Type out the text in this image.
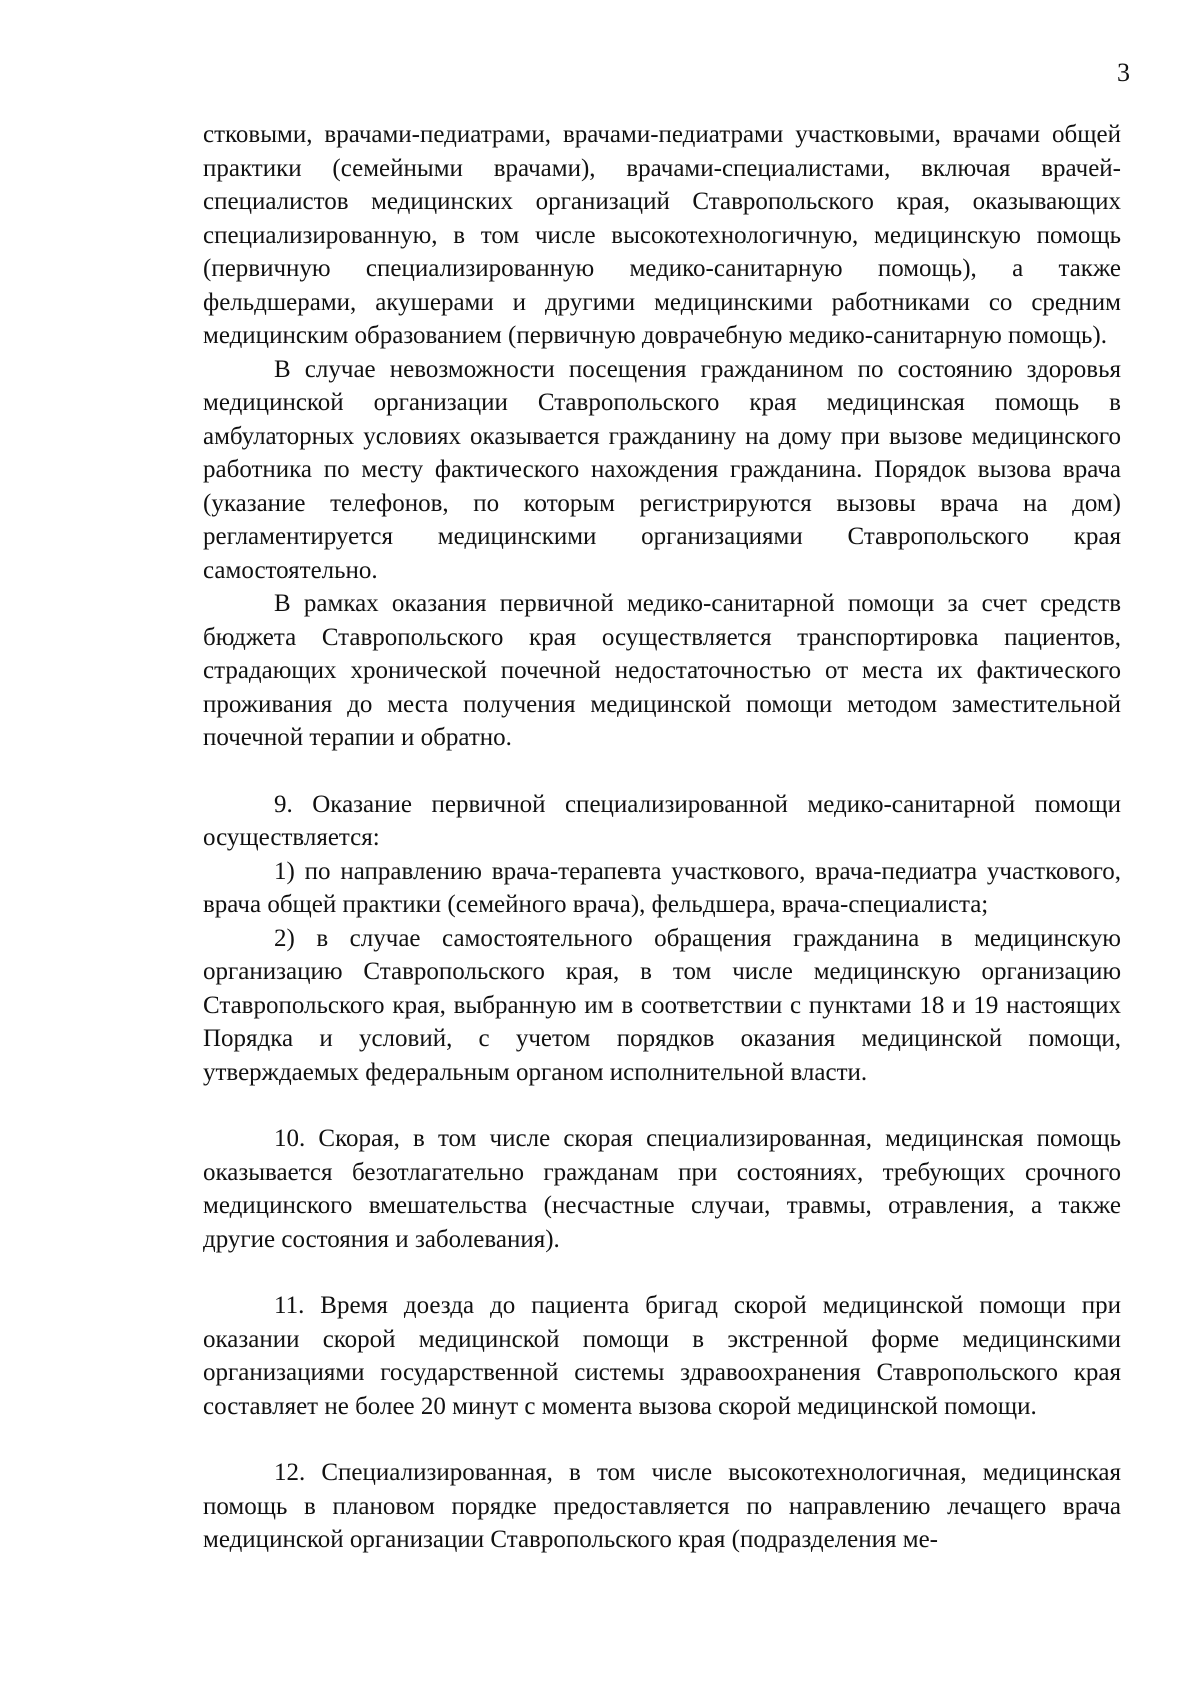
3

стковыми, врачами-педиатрами, врачами-педиатрами участковыми, врачами общей практики (семейными врачами), врачами-специалистами, включая врачей-специалистов медицинских организаций Ставропольского края, оказывающих специализированную, в том числе высокотехнологичную, медицинскую помощь (первичную специализированную медико-санитарную помощь), а также фельдшерами, акушерами и другими медицинскими работниками со средним медицинским образованием (первичную доврачебную медико-санитарную помощь).

В случае невозможности посещения гражданином по состоянию здоровья медицинской организации Ставропольского края медицинская помощь в амбулаторных условиях оказывается гражданину на дому при вызове медицинского работника по месту фактического нахождения гражданина. Порядок вызова врача (указание телефонов, по которым регистрируются вызовы врача на дом) регламентируется медицинскими организациями Ставропольского края самостоятельно.

В рамках оказания первичной медико-санитарной помощи за счет средств бюджета Ставропольского края осуществляется транспортировка пациентов, страдающих хронической почечной недостаточностью от места их фактического проживания до места получения медицинской помощи методом заместительной почечной терапии и обратно.

9. Оказание первичной специализированной медико-санитарной помощи осуществляется:

1) по направлению врача-терапевта участкового, врача-педиатра участкового, врача общей практики (семейного врача), фельдшера, врача-специалиста;

2) в случае самостоятельного обращения гражданина в медицинскую организацию Ставропольского края, в том числе медицинскую организацию Ставропольского края, выбранную им в соответствии с пунктами 18 и 19 настоящих Порядка и условий, с учетом порядков оказания медицинской помощи, утверждаемых федеральным органом исполнительной власти.

10. Скорая, в том числе скорая специализированная, медицинская помощь оказывается безотлагательно гражданам при состояниях, требующих срочного медицинского вмешательства (несчастные случаи, травмы, отравления, а также другие состояния и заболевания).

11. Время доезда до пациента бригад скорой медицинской помощи при оказании скорой медицинской помощи в экстренной форме медицинскими организациями государственной системы здравоохранения Ставропольского края составляет не более 20 минут с момента вызова скорой медицинской помощи.

12. Специализированная, в том числе высокотехнологичная, медицинская помощь в плановом порядке предоставляется по направлению лечащего врача медицинской организации Ставропольского края (подразделения ме-
